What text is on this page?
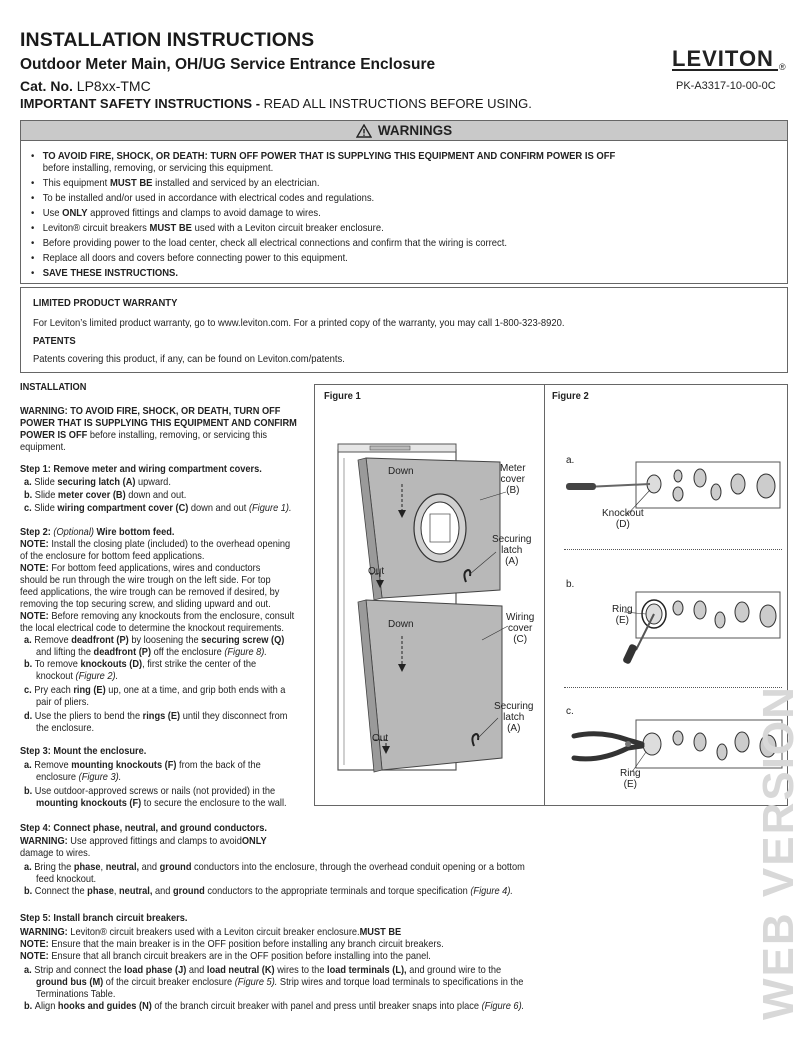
INSTALLATION INSTRUCTIONS
Outdoor Meter Main, OH/UG Service Entrance Enclosure
Cat. No. LP8xx-TMC
IMPORTANT SAFETY INSTRUCTIONS - READ ALL INSTRUCTIONS BEFORE USING.
LEVITON ®
PK-A3317-10-00-0C
WARNINGS
• TO AVOID FIRE, SHOCK, OR DEATH: TURN OFF POWER THAT IS SUPPLYING THIS EQUIPMENT AND CONFIRM POWER IS OFF
before installing, removing, or servicing this equipment.
• This equipment MUST BE installed and serviced by an electrician.
• To be installed and/or used in accordance with electrical codes and regulations.
• Use ONLY approved fittings and clamps to avoid damage to wires.
• Leviton® circuit breakers MUST BE used with a Leviton circuit breaker enclosure.
• Before providing power to the load center, check all electrical connections and confirm that the wiring is correct.
• Replace all doors and covers before connecting power to this equipment.
• SAVE THESE INSTRUCTIONS.
LIMITED PRODUCT WARRANTY
For Leviton’s limited product warranty, go to www.leviton.com. For a printed copy of the warranty, you may call 1-800-323-8920.
PATENTS
Patents covering this product, if any, can be found on Leviton.com/patents.
INSTALLATION
WARNING: TO AVOID FIRE, SHOCK, OR DEATH, TURN OFF
POWER THAT IS SUPPLYING THIS EQUIPMENT AND CONFIRM
POWER IS OFF before installing, removing, or servicing this
equipment.
Step 1: Remove meter and wiring compartment covers.
a. Slide securing latch (A) upward.
b. Slide meter cover (B) down and out.
c. Slide wiring compartment cover (C) down and out (Figure 1).
Step 2: (Optional) Wire bottom feed.
NOTE: Install the closing plate (included) to the overhead opening
of the enclosure for bottom feed applications.
NOTE: For bottom feed applications, wires and conductors
should be run through the wire trough on the left side. For top
feed applications, the wire trough can be removed if desired, by
removing the top securing screw, and sliding upward and out.
NOTE: Before removing any knockouts from the enclosure, consult
the local electrical code to determine the knockout requirements.
a. Remove deadfront (P) by loosening the securing screw (Q)
and lifting the deadfront (P) off the enclosure (Figure 8).
b. To remove knockouts (D), first strike the center of the
knockout (Figure 2).
c. Pry each ring (E) up, one at a time, and grip both ends with a
pair of pliers.
d. Use the pliers to bend the rings (E) until they disconnect from
the enclosure.
Step 3: Mount the enclosure.
a. Remove mounting knockouts (F) from the back of the
enclosure (Figure 3).
b. Use outdoor-approved screws or nails (not provided) in the
mounting knockouts (F) to secure the enclosure to the wall.
Step 4: Connect phase, neutral, and ground conductors.
WARNING: Use approved fittings and clamps to avoidONLY
damage to wires.
a. Bring the phase, neutral, and ground conductors into the enclosure, through the overhead conduit opening or a bottom
feed knockout.
b. Connect the phase, neutral, and ground conductors to the appropriate terminals and torque specification (Figure 4).
Step 5: Install branch circuit breakers.
WARNING: Leviton® circuit breakers used with a Leviton circuit breaker enclosure.MUST BE
NOTE: Ensure that the main breaker is in the OFF position before installing any branch circuit breakers.
NOTE: Ensure that all branch circuit breakers are in the OFF position before installing into the panel.
a. Strip and connect the load phase (J) and load neutral (K) wires to the load terminals (L), and ground wire to the
ground bus (M) of the circuit breaker enclosure (Figure 5). Strip wires and torque load terminals to specifications in the
Terminations Table.
b. Align hooks and guides (N) of the branch circuit breaker with panel and press until breaker snaps into place (Figure 6).
Figure 1	Figure 2
Down
Out
Meter
cover
(B)
Securing
latch
(A)
Down
Wiring
cover
(C)
Securing
latch
(A)
Out
a.
Knockout
(D)
b.
Ring
(E)
c.
Ring
(E)	WEB VERSION
